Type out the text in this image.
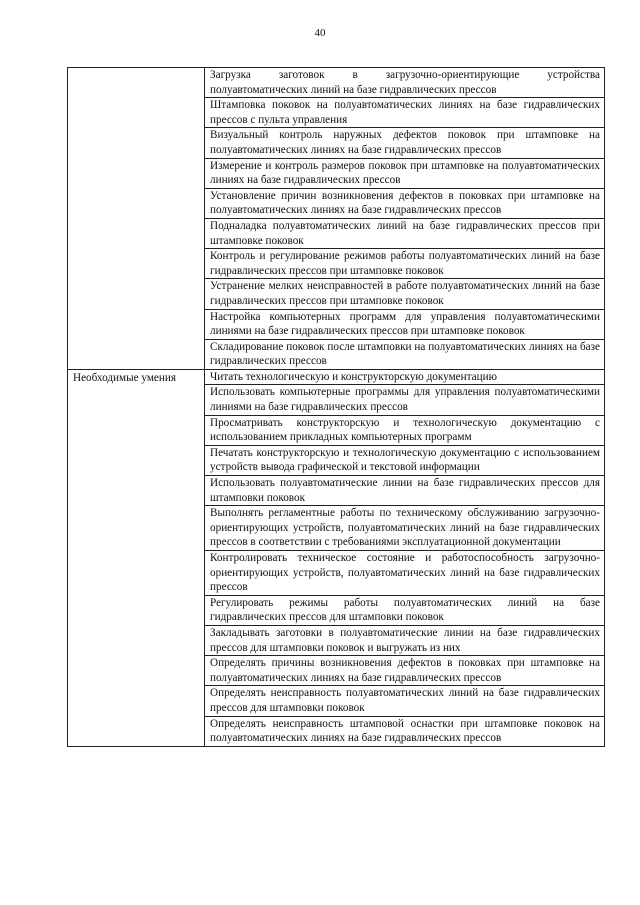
40

	Загрузка заготовок в загрузочно-ориентирующие устройства полуавтоматических линий на базе гидравлических прессов

	Штамповка поковок на полуавтоматических линиях на базе гидравлических прессов с пульта управления

	Визуальный контроль наружных дефектов поковок при штамповке на полуавтоматических линиях на базе гидравлических прессов

	Измерение и контроль размеров поковок при штамповке на полуавтоматических линиях на базе гидравлических прессов

	Установление причин возникновения дефектов в поковках при штамповке на полуавтоматических линиях на базе гидравлических прессов

	Подналадка полуавтоматических линий на базе гидравлических прессов при штамповке поковок

	Контроль и регулирование режимов работы полуавтоматических линий на базе гидравлических прессов при штамповке поковок

	Устранение мелких неисправностей в работе полуавтоматических линий на базе гидравлических прессов при штамповке поковок

	Настройка компьютерных программ для управления полуавтоматическими линиями на базе гидравлических прессов при штамповке поковок

	Складирование поковок после штамповки на полуавтоматических линиях на базе гидравлических прессов

Необходимые умения	Читать технологическую и конструкторскую документацию

	Использовать компьютерные программы для управления полуавтоматическими линиями на базе гидравлических прессов

	Просматривать конструкторскую и технологическую документацию с использованием прикладных компьютерных программ

	Печатать конструкторскую и технологическую документацию с использованием устройств вывода графической и текстовой информации

	Использовать полуавтоматические линии на базе гидравлических прессов для штамповки поковок

	Выполнять регламентные работы по техническому обслуживанию загрузочно-ориентирующих устройств, полуавтоматических линий на базе гидравлических прессов в соответствии с требованиями эксплуатационной документации

	Контролировать техническое состояние и работоспособность загрузочно-ориентирующих устройств, полуавтоматических линий на базе гидравлических прессов

	Регулировать режимы работы полуавтоматических линий на базе гидравлических прессов для штамповки поковок

	Закладывать заготовки в полуавтоматические линии на базе гидравлических прессов для штамповки поковок и выгружать из них

	Определять причины возникновения дефектов в поковках при штамповке на полуавтоматических линиях на базе гидравлических прессов

	Определять неисправность полуавтоматических линий на базе гидравлических прессов для штамповки поковок

	Определять неисправность штамповой оснастки при штамповке поковок на полуавтоматических линиях на базе гидравлических прессов
